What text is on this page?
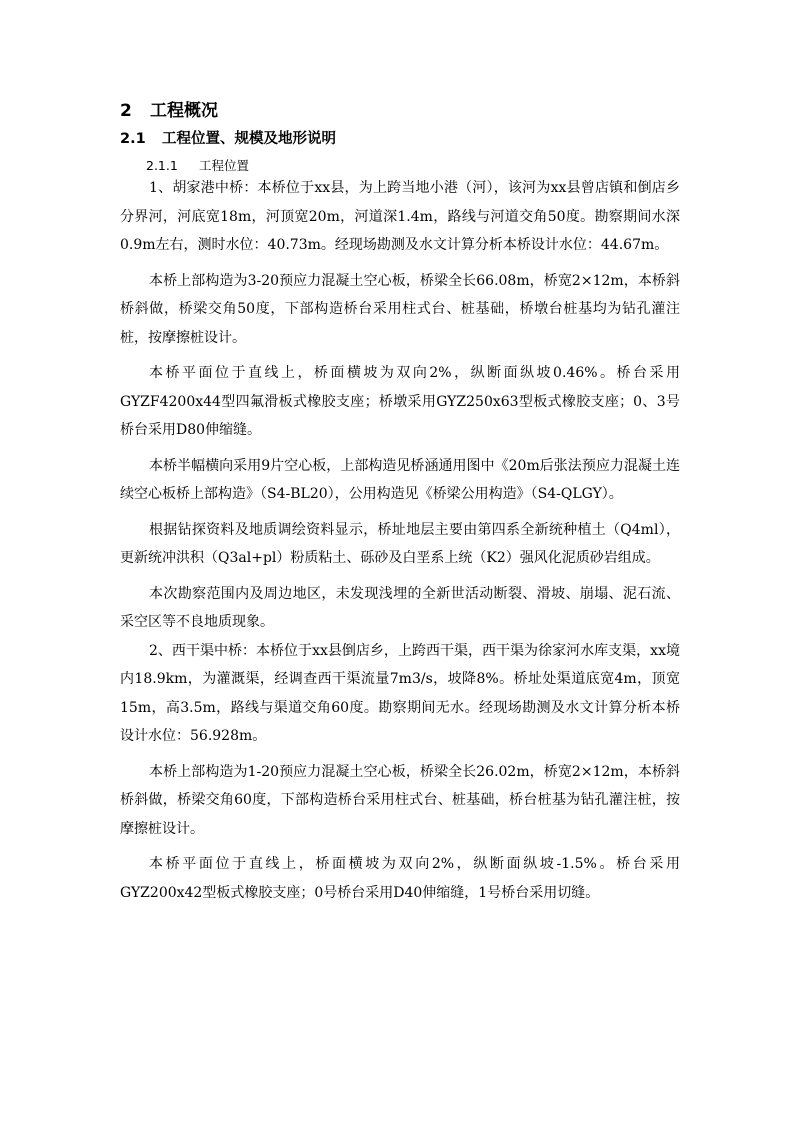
2 工程概况
2.1 工程位置、规模及地形说明
2.1.1 工程位置

1、胡家港中桥：本桥位于xx县，为上跨当地小港（河），该河为xx县曾店镇和倒店乡分界河，河底宽18m，河顶宽20m，河道深1.4m，路线与河道交角50度。勘察期间水深0.9m左右，测时水位：40.73m。经现场勘测及水文计算分析本桥设计水位：44.67m。

本桥上部构造为3-20预应力混凝土空心板，桥梁全长66.08m，桥宽2×12m，本桥斜桥斜做，桥梁交角50度，下部构造桥台采用柱式台、桩基础，桥墩台桩基均为钻孔灌注桩，按摩擦桩设计。

本桥平面位于直线上，桥面横坡为双向2%，纵断面纵坡0.46%。桥台采用GYZF4200x44型四氟滑板式橡胶支座；桥墩采用GYZ250x63型板式橡胶支座；0、3号桥台采用D80伸缩缝。

本桥半幅横向采用9片空心板，上部构造见桥涵通用图中《20m后张法预应力混凝土连续空心板桥上部构造》（S4-BL20），公用构造见《桥梁公用构造》（S4-QLGY）。

根据钻探资料及地质调绘资料显示，桥址地层主要由第四系全新统种植土（Q4ml），更新统冲洪积（Q3al+pl）粉质粘土、砾砂及白垩系上统（K2）强风化泥质砂岩组成。

本次勘察范围内及周边地区，未发现浅埋的全新世活动断裂、滑坡、崩塌、泥石流、采空区等不良地质现象。

2、西干渠中桥：本桥位于xx县倒店乡，上跨西干渠，西干渠为徐家河水库支渠，xx境内18.9km，为灌溉渠，经调查西干渠流量7m3/s，坡降8%。桥址处渠道底宽4m，顶宽15m，高3.5m，路线与渠道交角60度。勘察期间无水。经现场勘测及水文计算分析本桥设计水位：56.928m。

本桥上部构造为1-20预应力混凝土空心板，桥梁全长26.02m，桥宽2×12m，本桥斜桥斜做，桥梁交角60度，下部构造桥台采用柱式台、桩基础，桥台桩基为钻孔灌注桩，按摩擦桩设计。

本桥平面位于直线上，桥面横坡为双向2%，纵断面纵坡-1.5%。桥台采用GYZ200x42型板式橡胶支座；0号桥台采用D40伸缩缝，1号桥台采用切缝。
